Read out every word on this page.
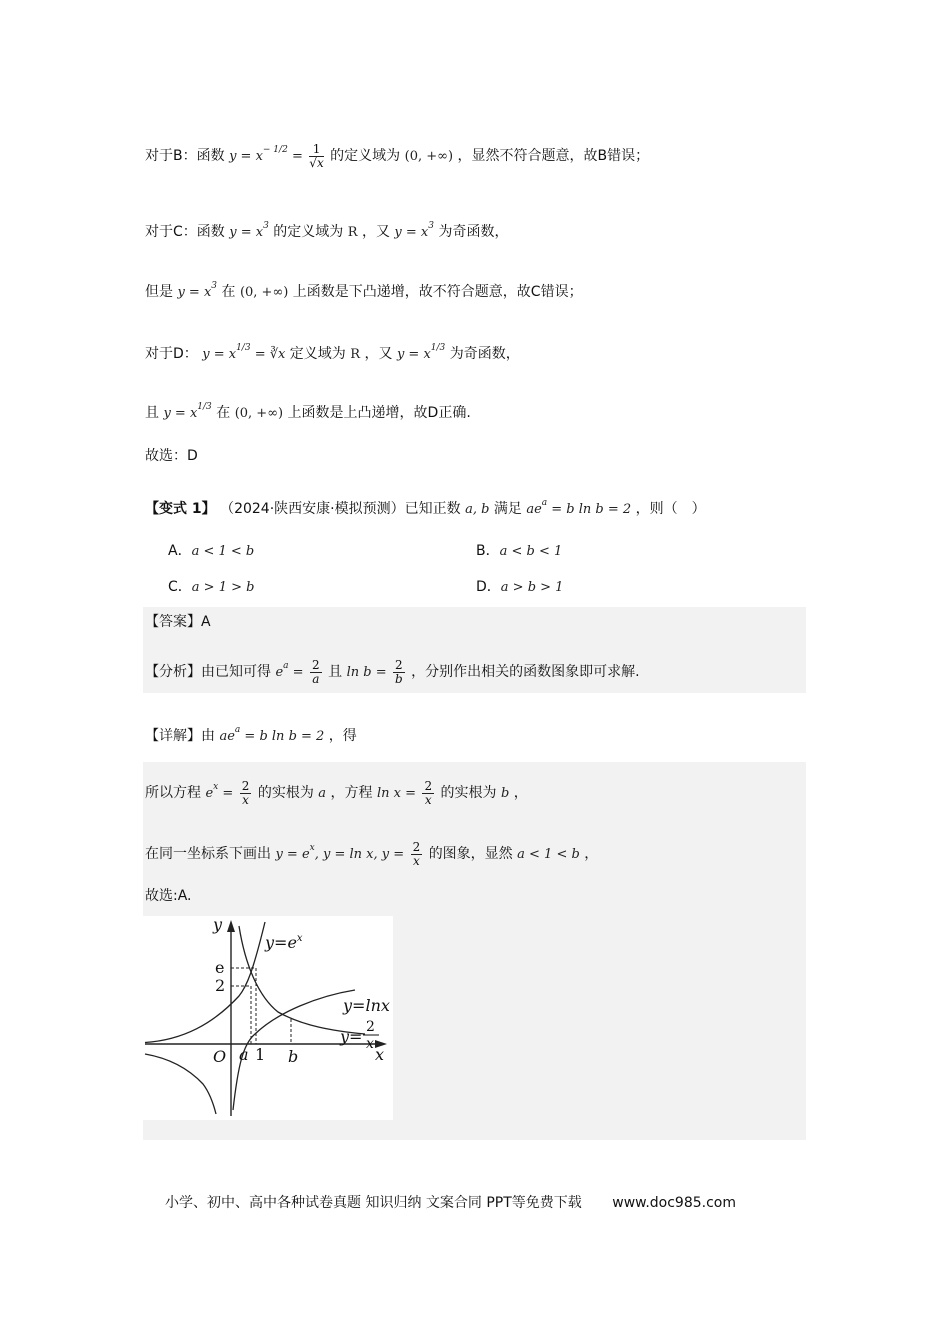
对于B：函数 $y = x^{- 1/2} = \frac{1}{√x}$ 的定义域为 (0, +∞) ，显然不符合题意，故B错误；
对于C：函数 $y = x^3$ 的定义域为 R ，又 $y = x^3$ 为奇函数，
但是 $y = x^3$ 在 (0, +∞) 上函数是下凸递增，故不符合题意，故C错误；
对于D： $y = x^{1/3}$ = ∛x 定义域为 R ，又 $y = x^{1/3}$ 为奇函数，
且 $y = x^{1/3}$ 在 (0, +∞) 上函数是上凸递增，故D正确.
故选：D
【变式 1】 （2024·陕西安康·模拟预测）已知正数 a, b 满足 $ae^a = b$ ln b = 2 ，则（　）
A．a < 1 < b	B．a < b < 1
C．a > 1 > b	D．a > b > 1
【答案】A
【分析】由已知可得 $e^a = \frac{2}{a}$ 且 $\ln b = \frac{2}{b}$ ，分别作出相关的函数图象即可求解.
【详解】由 $ae^a = b$ ln b = 2 ，得
所以方程 $e^x = \frac{2}{x}$ 的实根为 a ，方程 $\ln x = \frac{2}{x}$ 的实根为 b ，
在同一坐标系下画出 $y = e^x$, y = ln x, $y = \frac{2}{x}$ 的图象，显然 a < 1 < b ，
故选:A.
y
x
O
e
2
a 1 b
$y=e^x$
y=lnx
y= 2
x
小学、初中、高中各种试卷真题 知识归纳 文案合同 PPT等免费下载 www.doc985.com
